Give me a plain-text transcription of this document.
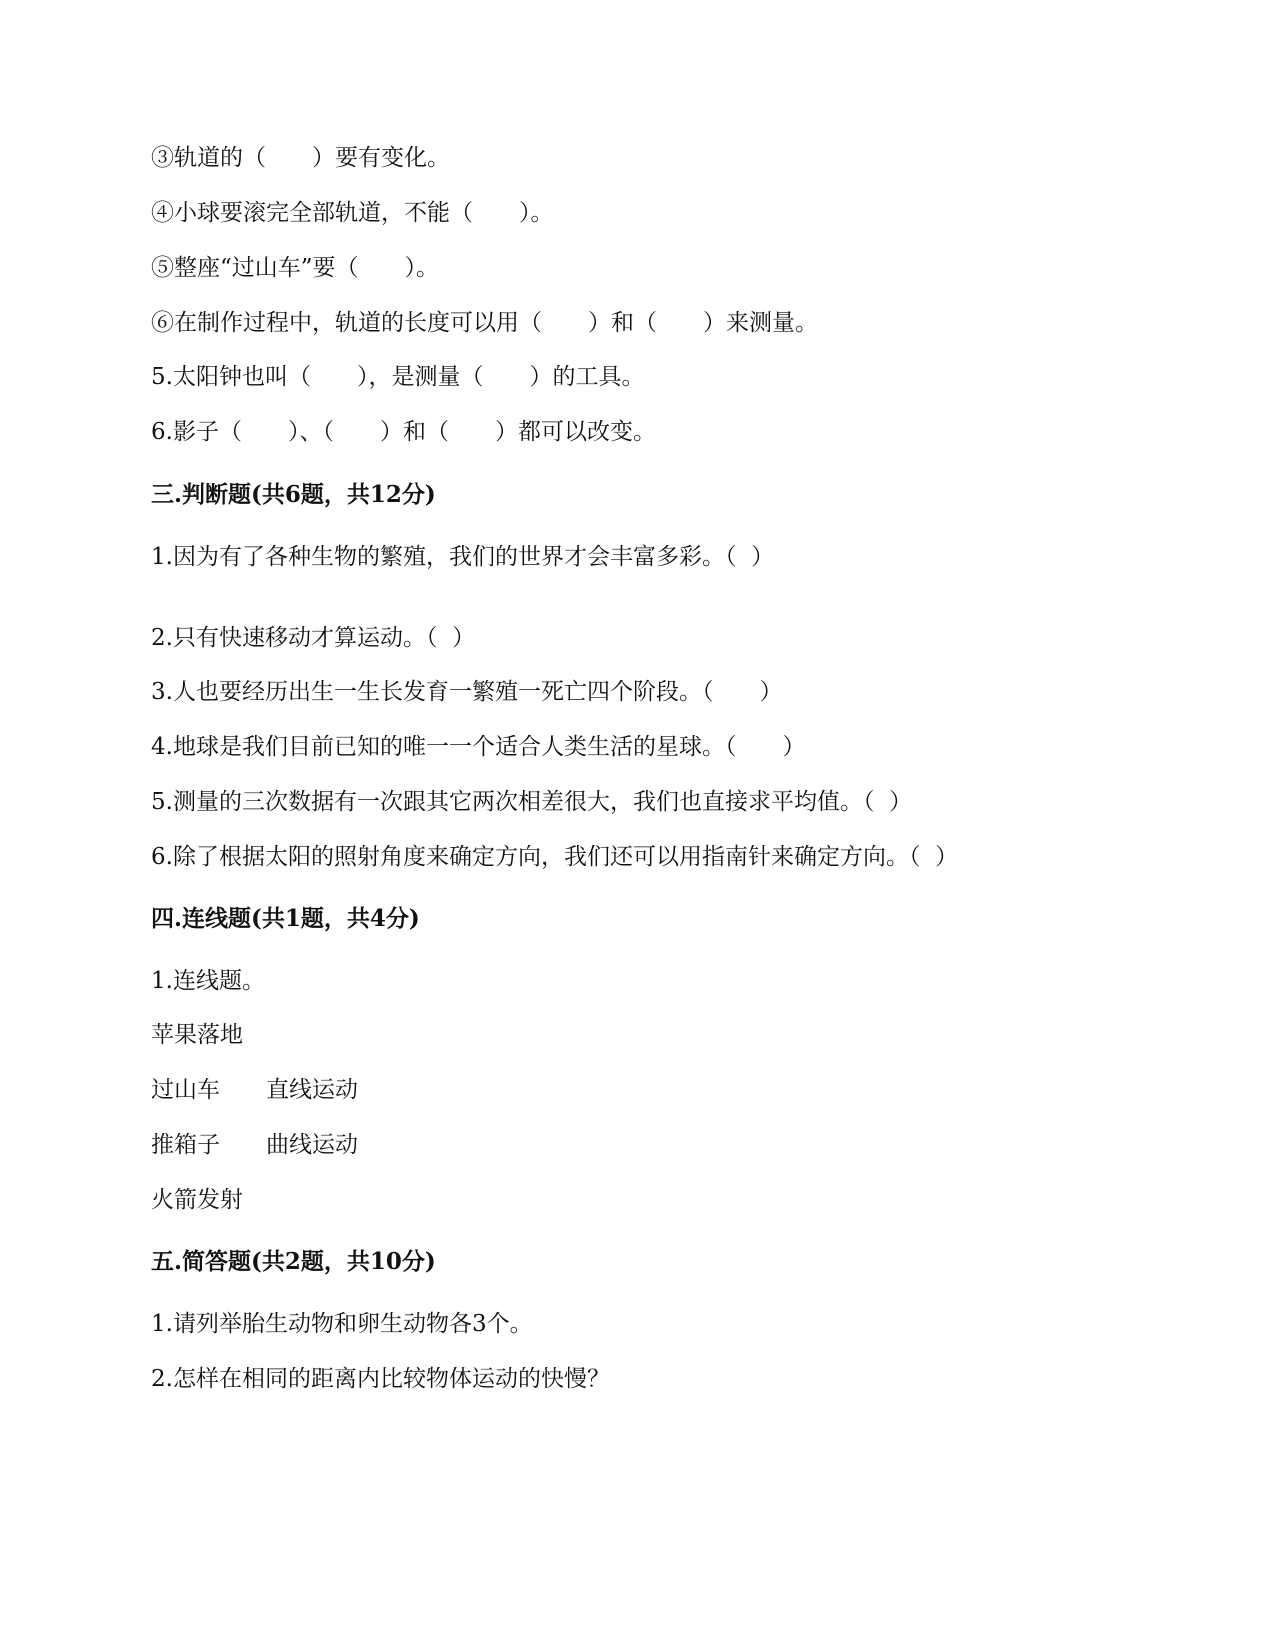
③轨道的（　　）要有变化。
④小球要滚完全部轨道，不能（　　）。
⑤整座“过山车”要（　　）。
⑥在制作过程中，轨道的长度可以用（　　）和（　　）来测量。
5.太阳钟也叫（　　），是测量（　　）的工具。
6.影子（　　）、（　　）和（　　）都可以改变。
三.判断题(共6题，共12分)
1.因为有了各种生物的繁殖，我们的世界才会丰富多彩。（  ）
2.只有快速移动才算运动。（  ）
3.人也要经历出生一生长发育一繁殖一死亡四个阶段。（　　）
4.地球是我们目前已知的唯一一个适合人类生活的星球。（　　）
5.测量的三次数据有一次跟其它两次相差很大，我们也直接求平均值。（  ）
6.除了根据太阳的照射角度来确定方向，我们还可以用指南针来确定方向。（  ）
四.连线题(共1题，共4分)
1.连线题。
苹果落地
过山车　　直线运动
推箱子　　曲线运动
火箭发射
五.简答题(共2题，共10分)
1.请列举胎生动物和卵生动物各3个。
2.怎样在相同的距离内比较物体运动的快慢？
